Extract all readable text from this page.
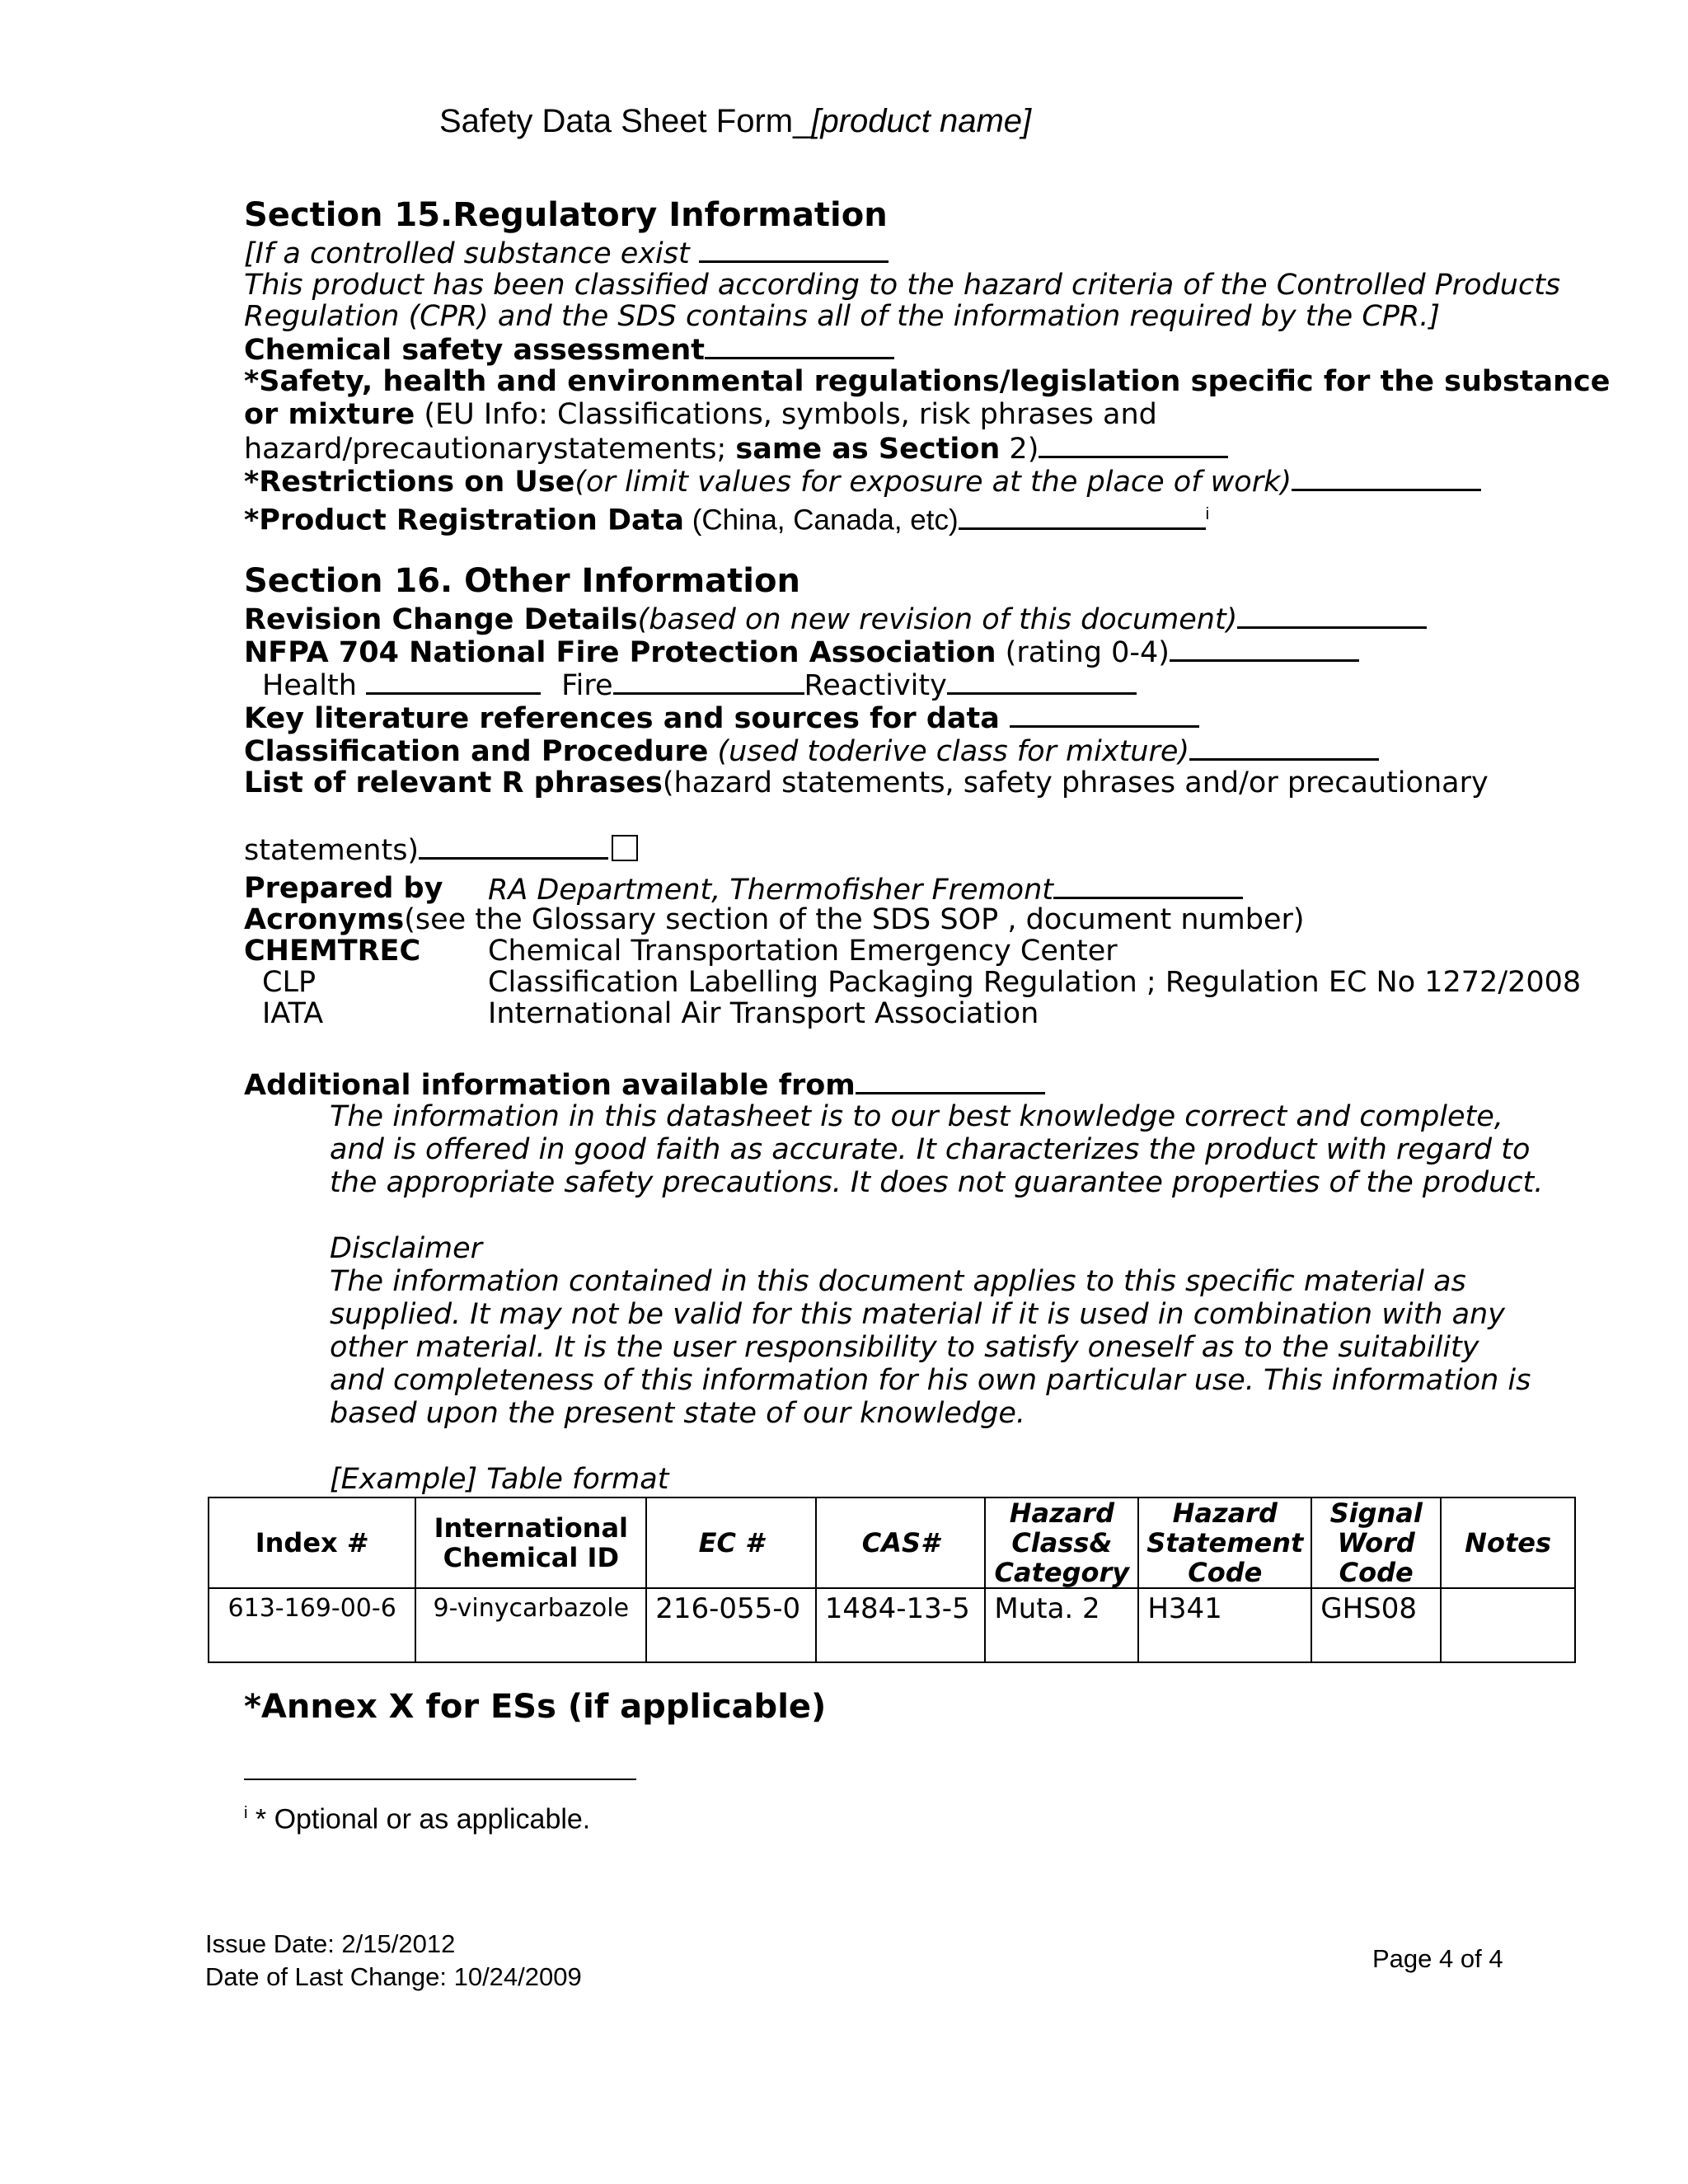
Safety Data Sheet Form_[product name]
Section 15.Regulatory Information
[If a controlled substance exist
This product has been classified according to the hazard criteria of the Controlled Products
Regulation (CPR) and the SDS contains all of the information required by the CPR.]
Chemical safety assessment
*Safety, health and environmental regulations/legislation specific for the substance
or mixture (EU Info: Classifications, symbols, risk phrases and
hazard/precautionarystatements; same as Section 2)
*Restrictions on Use(or limit values for exposure at the place of work)
*Product Registration Data (China, Canada, etc)	$^i$
Section 16. Other Information
Revision Change Details(based on new revision of this document)
NFPA 704 National Fire Protection Association (rating 0-4)
Health	Fire	Reactivity
Key literature references and sources for data
Classification and Procedure (used toderive class for mixture)
List of relevant R phrases(hazard statements, safety phrases and/or precautionary
statements)
Prepared by RA Department, Thermofisher Fremont
Acronyms(see the Glossary section of the SDS SOP , document number)
CHEMTREC Chemical Transportation Emergency Center
CLP	Classification Labelling Packaging Regulation ; Regulation EC No 1272/2008
IATA	International Air Transport Association
Additional information available from
The information in this datasheet is to our best knowledge correct and complete,
and is offered in good faith as accurate. It characterizes the product with regard to
the appropriate safety precautions. It does not guarantee properties of the product.
Disclaimer
The information contained in this document applies to this specific material as
supplied. It may not be valid for this material if it is used in combination with any
other material. It is the user responsibility to satisfy oneself as to the suitability
and completeness of this information for his own particular use. This information is
based upon the present state of our knowledge.
[Example] Table format
Index #	International Chemical ID	EC #	CAS#	Hazard Class& Category	Hazard Statement Code	Signal Word Code	Notes
613-169-00-6	9-vinycarbazole	216-055-0	1484-13-5	Muta. 2	H341	GHS08	
*Annex X for ESs (if applicable)
$^i$ * Optional or as applicable.
Issue Date: 2/15/2012
Date of Last Change: 10/24/2009
Page 4 of 4
